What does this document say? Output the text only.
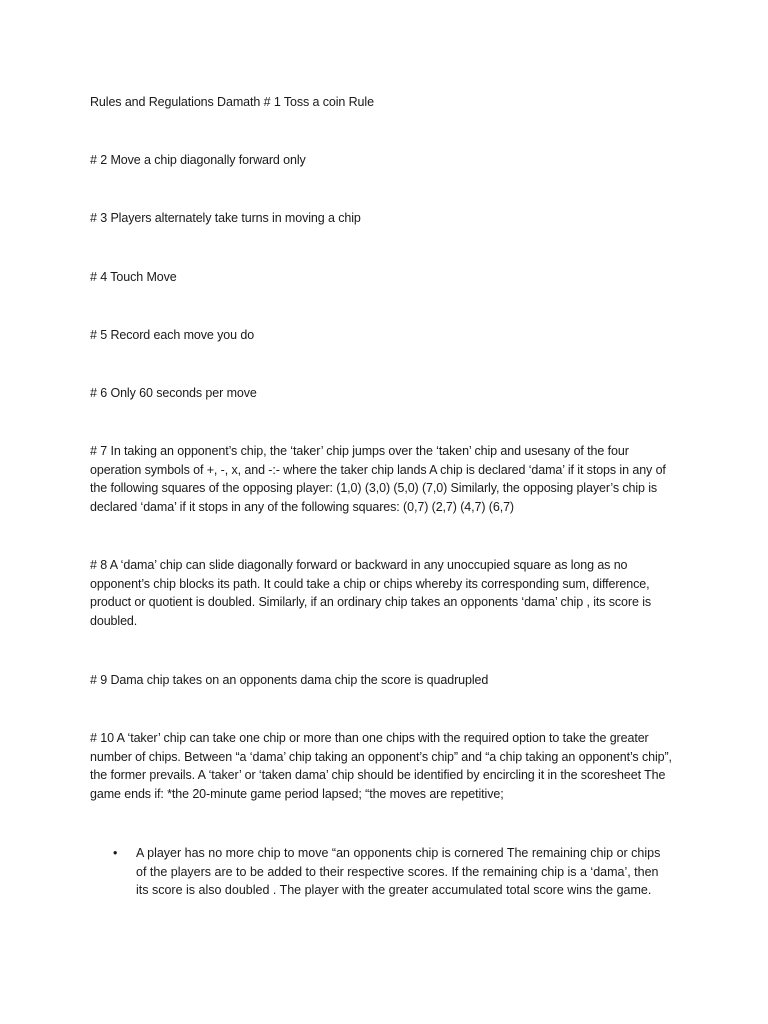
Rules and Regulations Damath # 1 Toss a coin Rule

# 2 Move a chip diagonally forward only

# 3 Players alternately take turns in moving a chip

# 4 Touch Move

# 5 Record each move you do

# 6 Only 60 seconds per move

# 7 In taking an opponent’s chip, the ‘taker’ chip jumps over the ‘taken’ chip and usesany of the four operation symbols of +, -, x, and -:- where the taker chip lands A chip is declared ‘dama’ if it stops in any of the following squares of the opposing player: (1,0) (3,0) (5,0) (7,0) Similarly, the opposing player’s chip is declared ‘dama’ if it stops in any of the following squares: (0,7) (2,7) (4,7) (6,7)

# 8 A ‘dama’ chip can slide diagonally forward or backward in any unoccupied square as long as no opponent’s chip blocks its path. It could take a chip or chips whereby its corresponding sum, difference, product or quotient is doubled. Similarly, if an ordinary chip takes an opponents ‘dama’ chip , its score is doubled.

# 9 Dama chip takes on an opponents dama chip the score is quadrupled

# 10 A ‘taker’ chip can take one chip or more than one chips with the required option to take the greater number of chips. Between “a ‘dama’ chip taking an opponent’s chip” and “a chip taking an opponent’s chip”, the former prevails. A ‘taker’ or ‘taken dama’ chip should be identified by encircling it in the scoresheet The game ends if: *the 20-minute game period lapsed; “the moves are repetitive;

• A player has no more chip to move “an opponents chip is cornered The remaining chip or chips of the players are to be added to their respective scores. If the remaining chip is a ‘dama’, then its score is also doubled . The player with the greater accumulated total score wins the game.
